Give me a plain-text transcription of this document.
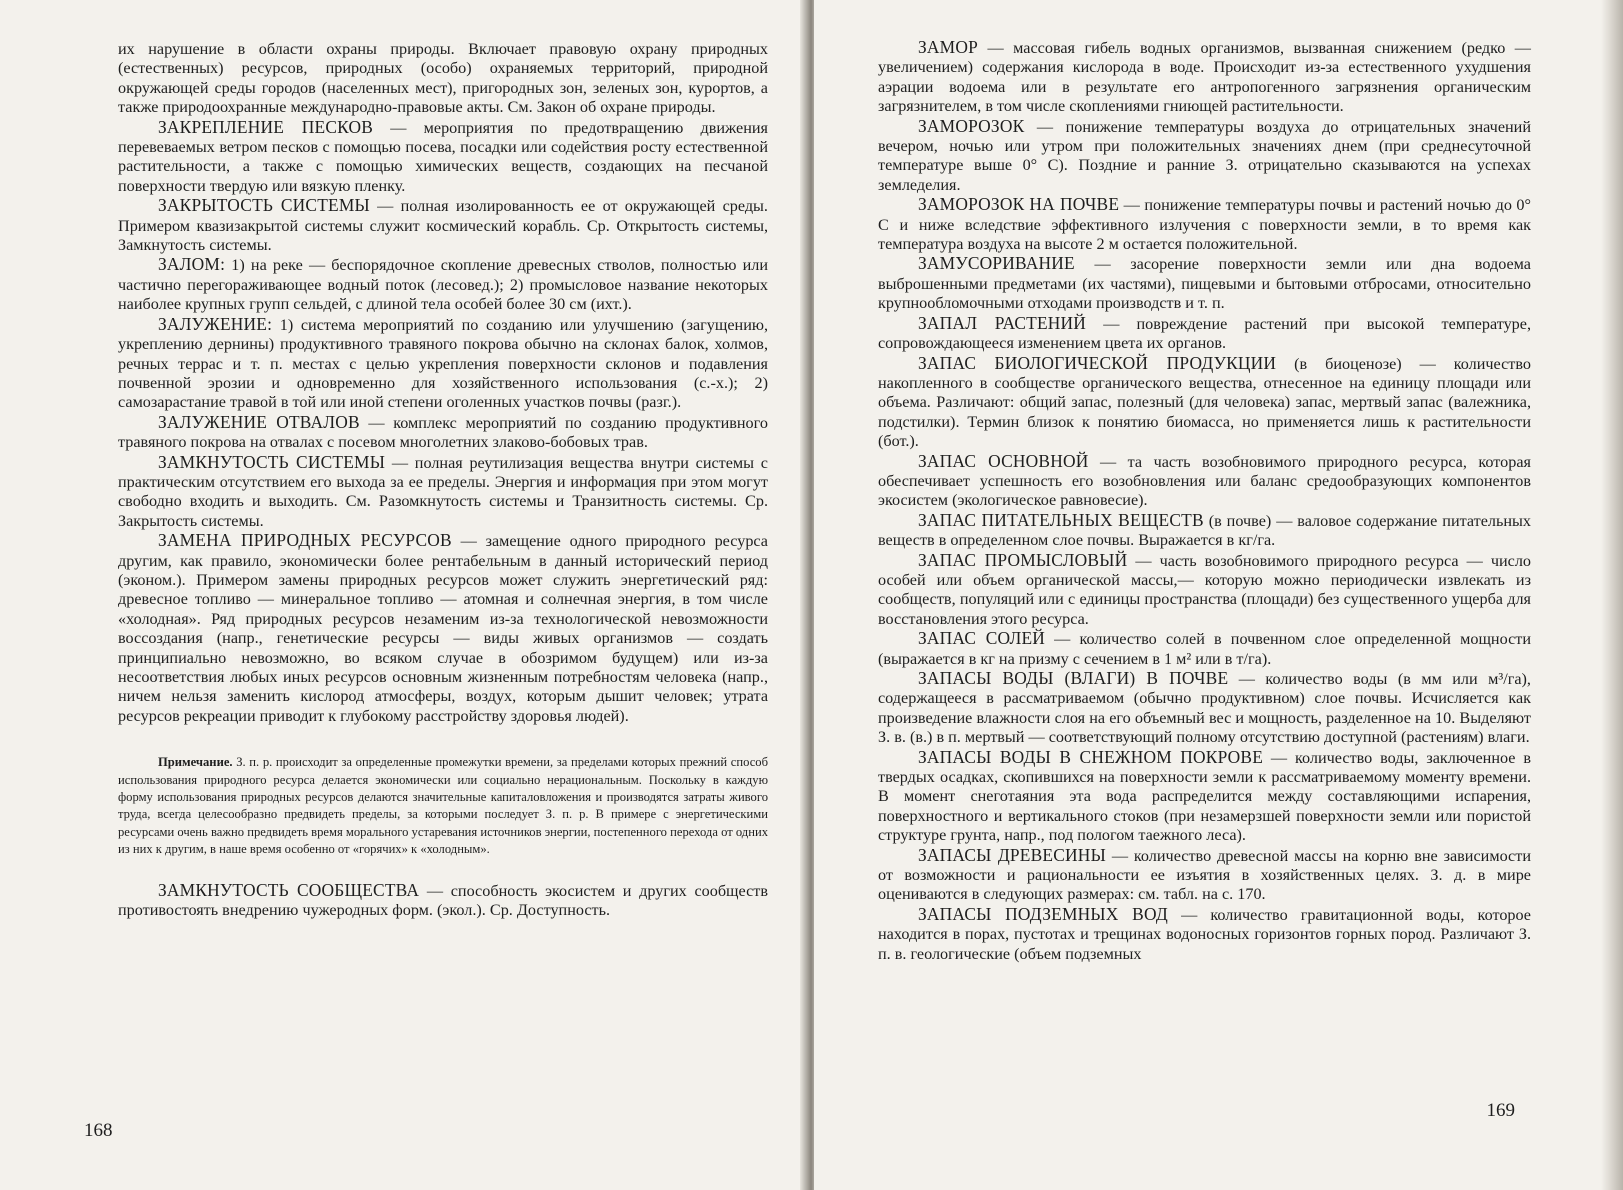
их нарушение в области охраны природы. Включает правовую охрану природных (естественных) ресурсов, природных (особо) охраняемых территорий, природной окружающей среды городов (населенных мест), пригородных зон, зеленых зон, курортов, а также природоохранные международно-правовые акты. См. Закон об охране природы.

ЗАКРЕПЛЕНИЕ ПЕСКОВ — мероприятия по предотвращению движения перевеваемых ветром песков с помощью посева, посадки или содействия росту естественной растительности, а также с помощью химических веществ, создающих на песчаной поверхности твердую или вязкую пленку.

ЗАКРЫТОСТЬ СИСТЕМЫ — полная изолированность ее от окружающей среды. Примером квазизакрытой системы служит космический корабль. Ср. Открытость системы, Замкнутость системы.

ЗАЛОМ: 1) на реке — беспорядочное скопление древесных стволов, полностью или частично перегораживающее водный поток (лесовед.); 2) промысловое название некоторых наиболее крупных групп сельдей, с длиной тела особей более 30 см (ихт.).

ЗАЛУЖЕНИЕ: 1) система мероприятий по созданию или улучшению (загущению, укреплению дернины) продуктивного травяного покрова обычно на склонах балок, холмов, речных террас и т. п. местах с целью укрепления поверхности склонов и подавления почвенной эрозии и одновременно для хозяйственного использования (с.-х.); 2) самозарастание травой в той или иной степени оголенных участков почвы (разг.).

ЗАЛУЖЕНИЕ ОТВАЛОВ — комплекс мероприятий по созданию продуктивного травяного покрова на отвалах с посевом многолетних злаково-бобовых трав.

ЗАМКНУТОСТЬ СИСТЕМЫ — полная реутилизация вещества внутри системы с практическим отсутствием его выхода за ее пределы. Энергия и информация при этом могут свободно входить и выходить. См. Разомкнутость системы и Транзитность системы. Ср. Закрытость системы.

ЗАМЕНА ПРИРОДНЫХ РЕСУРСОВ — замещение одного природного ресурса другим, как правило, экономически более рентабельным в данный исторический период (эконом.). Примером замены природных ресурсов может служить энергетический ряд: древесное топливо — минеральное топливо — атомная и солнечная энергия, в том числе «холодная». Ряд природных ресурсов незаменим из-за технологической невозможности воссоздания (напр., генетические ресурсы — виды живых организмов — создать принципиально невозможно, во всяком случае в обозримом будущем) или из-за несоответствия любых иных ресурсов основным жизненным потребностям человека (напр., ничем нельзя заменить кислород атмосферы, воздух, которым дышит человек; утрата ресурсов рекреации приводит к глубокому расстройству здоровья людей).

Примечание. З. п. р. происходит за определенные промежутки времени, за пределами которых прежний способ использования природного ресурса делается экономически или социально нерациональным. Поскольку в каждую форму использования природных ресурсов делаются значительные капиталовложения и производятся затраты живого труда, всегда целесообразно предвидеть пределы, за которыми последует З. п. р. В примере с энергетическими ресурсами очень важно предвидеть время морального устаревания источников энергии, постепенного перехода от одних из них к другим, в наше время особенно от «горячих» к «холодным».

ЗАМКНУТОСТЬ СООБЩЕСТВА — способность экосистем и других сообществ противостоять внедрению чужеродных форм. (экол.). Ср. Доступность.

168

ЗАМОР — массовая гибель водных организмов, вызванная снижением (редко — увеличением) содержания кислорода в воде. Происходит из-за естественного ухудшения аэрации водоема или в результате его антропогенного загрязнения органическим загрязнителем, в том числе скоплениями гниющей растительности.

ЗАМОРОЗОК — понижение температуры воздуха до отрицательных значений вечером, ночью или утром при положительных значениях днем (при среднесуточной температуре выше 0° С). Поздние и ранние З. отрицательно сказываются на успехах земледелия.

ЗАМОРОЗОК НА ПОЧВЕ — понижение температуры почвы и растений ночью до 0° С и ниже вследствие эффективного излучения с поверхности земли, в то время как температура воздуха на высоте 2 м остается положительной.

ЗАМУСОРИВАНИЕ — засорение поверхности земли или дна водоема выброшенными предметами (их частями), пищевыми и бытовыми отбросами, относительно крупнообломочными отходами производств и т. п.

ЗАПАЛ РАСТЕНИЙ — повреждение растений при высокой температуре, сопровождающееся изменением цвета их органов.

ЗАПАС БИОЛОГИЧЕСКОЙ ПРОДУКЦИИ (в биоценозе) — количество накопленного в сообществе органического вещества, отнесенное на единицу площади или объема. Различают: общий запас, полезный (для человека) запас, мертвый запас (валежника, подстилки). Термин близок к понятию биомасса, но применяется лишь к растительности (бот.).

ЗАПАС ОСНОВНОЙ — та часть возобновимого природного ресурса, которая обеспечивает успешность его возобновления или баланс средообразующих компонентов экосистем (экологическое равновесие).

ЗАПАС ПИТАТЕЛЬНЫХ ВЕЩЕСТВ (в почве) — валовое содержание питательных веществ в определенном слое почвы. Выражается в кг/га.

ЗАПАС ПРОМЫСЛОВЫЙ — часть возобновимого природного ресурса — число особей или объем органической массы,— которую можно периодически извлекать из сообществ, популяций или с единицы пространства (площади) без существенного ущерба для восстановления этого ресурса.

ЗАПАС СОЛЕЙ — количество солей в почвенном слое определенной мощности (выражается в кг на призму с сечением в 1 м² или в т/га).

ЗАПАСЫ ВОДЫ (ВЛАГИ) В ПОЧВЕ — количество воды (в мм или м³/га), содержащееся в рассматриваемом (обычно продуктивном) слое почвы. Исчисляется как произведение влажности слоя на его объемный вес и мощность, разделенное на 10. Выделяют З. в. (в.) в п. мертвый — соответствующий полному отсутствию доступной (растениям) влаги.

ЗАПАСЫ ВОДЫ В СНЕЖНОМ ПОКРОВЕ — количество воды, заключенное в твердых осадках, скопившихся на поверхности земли к рассматриваемому моменту времени. В момент снеготаяния эта вода распределится между составляющими испарения, поверхностного и вертикального стоков (при незамерзшей поверхности земли или пористой структуре грунта, напр., под пологом таежного леса).

ЗАПАСЫ ДРЕВЕСИНЫ — количество древесной массы на корню вне зависимости от возможности и рациональности ее изъятия в хозяйственных целях. З. д. в мире оцениваются в следующих размерах: см. табл. на с. 170.

ЗАПАСЫ ПОДЗЕМНЫХ ВОД — количество гравитационной воды, которое находится в порах, пустотах и трещинах водоносных горизонтов горных пород. Различают З. п. в. геологические (объем подземных

169
